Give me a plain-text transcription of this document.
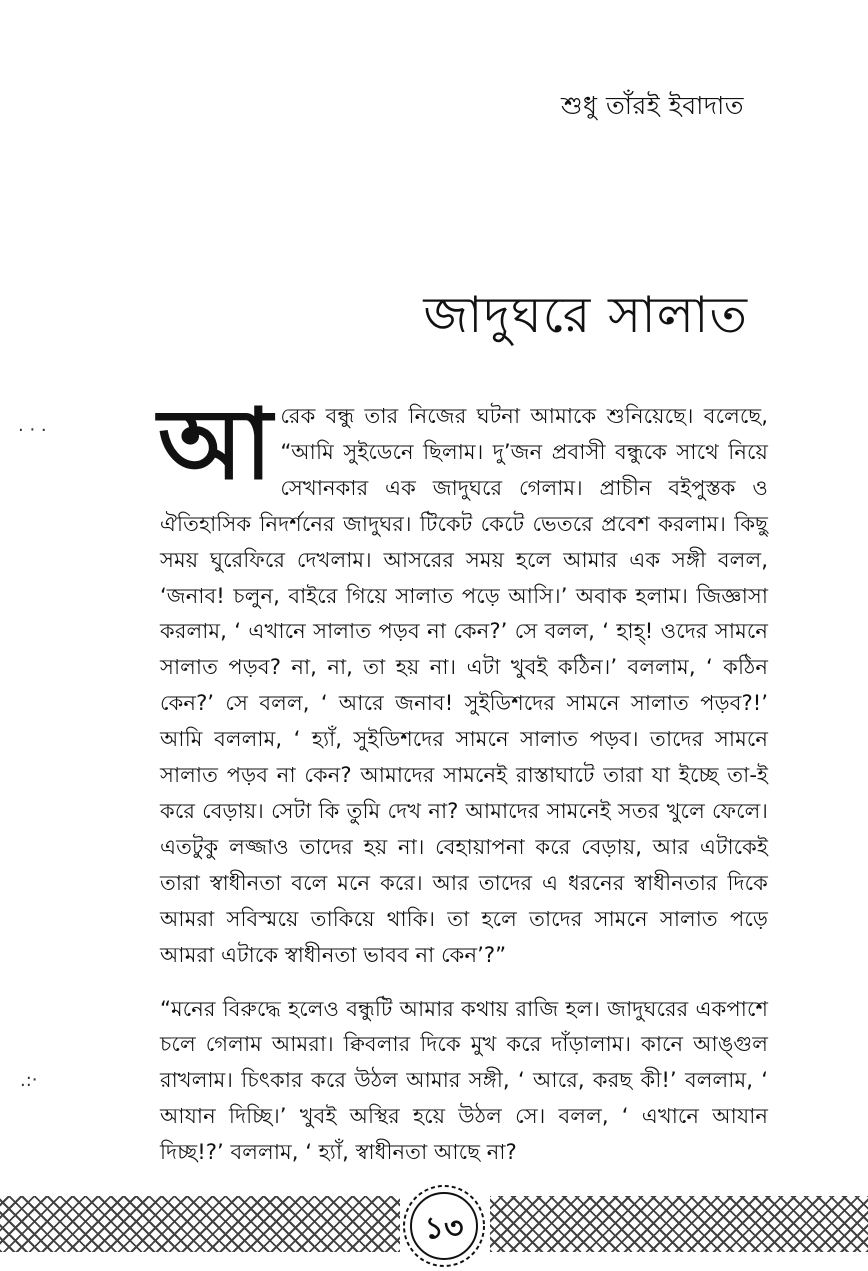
শুধু তাঁরই ইবাদাত
জাদুঘরে সালাত
· ‧ ·
.:‧

আরেক বন্ধু তার নিজের ঘটনা আমাকে শুনিয়েছে। বলেছে, “আমি সুইডেনে ছিলাম। দু’জন প্রবাসী বন্ধুকে সাথে নিয়ে সেখানকার এক জাদুঘরে গেলাম। প্রাচীন বইপুস্তক ও ঐতিহাসিক নিদর্শনের জাদুঘর। টিকেট কেটে ভেতরে প্রবেশ করলাম। কিছু সময় ঘুরেফিরে দেখলাম। আসরের সময় হলে আমার এক সঙ্গী বলল, ‘জনাব! চলুন, বাইরে গিয়ে সালাত পড়ে আসি।’ অবাক হলাম। জিজ্ঞাসা করলাম, ‘ এখানে সালাত পড়ব না কেন?’ সে বলল, ‘ হাহ্! ওদের সামনে সালাত পড়ব? না, না, তা হয় না। এটা খুবই কঠিন।’ বললাম, ‘ কঠিন কেন?’ সে বলল, ‘ আরে জনাব! সুইডিশদের সামনে সালাত পড়ব?!’ আমি বললাম, ‘ হ্যাঁ, সুইডিশদের সামনে সালাত পড়ব। তাদের সামনে সালাত পড়ব না কেন? আমাদের সামনেই রাস্তাঘাটে তারা যা ইচ্ছে তা-ই করে বেড়ায়। সেটা কি তুমি দেখ না? আমাদের সামনেই সতর খুলে ফেলে। এতটুকু লজ্জাও তাদের হয় না। বেহায়াপনা করে বেড়ায়, আর এটাকেই তারা স্বাধীনতা বলে মনে করে। আর তাদের এ ধরনের স্বাধীনতার দিকে আমরা সবিস্ময়ে তাকিয়ে থাকি। তা হলে তাদের সামনে সালাত পড়ে আমরা এটাকে স্বাধীনতা ভাবব না কেন’?”

“মনের বিরুদ্ধে হলেও বন্ধুটি আমার কথায় রাজি হল। জাদুঘরের একপাশে চলে গেলাম আমরা। ক্বিবলার দিকে মুখ করে দাঁড়ালাম। কানে আঙ্গুল রাখলাম। চিৎকার করে উঠল আমার সঙ্গী, ‘ আরে, করছ কী!’ বললাম, ‘ আযান দিচ্ছি।’ খুবই অস্থির হয়ে উঠল সে। বলল, ‘ এখানে আযান দিচ্ছ!?’ বললাম, ‘ হ্যাঁ, স্বাধীনতা আছে না?

১৩
